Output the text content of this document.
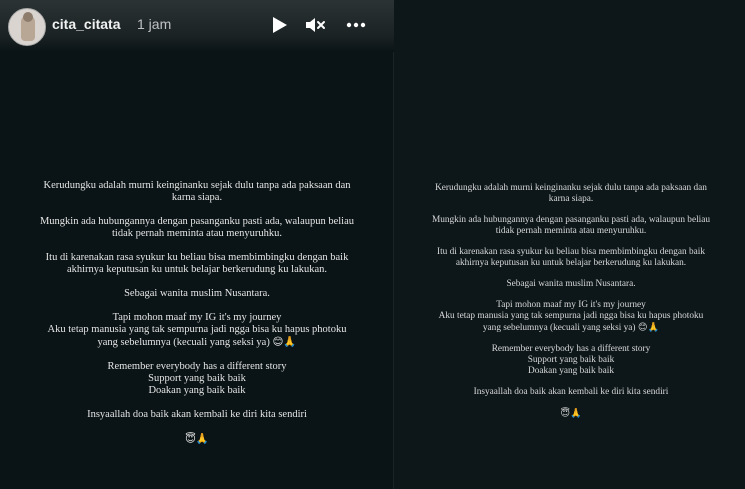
cita_citata 1 jam

Kerudungku adalah murni keinginanku sejak dulu tanpa ada paksaan dan

karna siapa.

Mungkin ada hubungannya dengan pasanganku pasti ada, walaupun beliau

tidak pernah meminta atau menyuruhku.

Itu di karenakan rasa syukur ku beliau bisa membimbingku dengan baik

akhirnya keputusan ku untuk belajar berkerudung ku lakukan.

Sebagai wanita muslim Nusantara.

Tapi mohon maaf my IG it's my journey

Aku tetap manusia yang tak sempurna jadi ngga bisa ku hapus photoku

yang sebelumnya (kecuali yang seksi ya) 😊🙏

Remember everybody has a different story

Support yang baik baik

Doakan yang baik baik

Insyaallah doa baik akan kembali ke diri kita sendiri

😇🙏

Kerudungku adalah murni keinginanku sejak dulu tanpa ada paksaan dan

karna siapa.

Mungkin ada hubungannya dengan pasanganku pasti ada, walaupun beliau

tidak pernah meminta atau menyuruhku.

Itu di karenakan rasa syukur ku beliau bisa membimbingku dengan baik

akhirnya keputusan ku untuk belajar berkerudung ku lakukan.

Sebagai wanita muslim Nusantara.

Tapi mohon maaf my IG it's my journey

Aku tetap manusia yang tak sempurna jadi ngga bisa ku hapus photoku

yang sebelumnya (kecuali yang seksi ya) 😊🙏

Remember everybody has a different story

Support yang baik baik

Doakan yang baik baik

Insyaallah doa baik akan kembali ke diri kita sendiri

😇🙏
